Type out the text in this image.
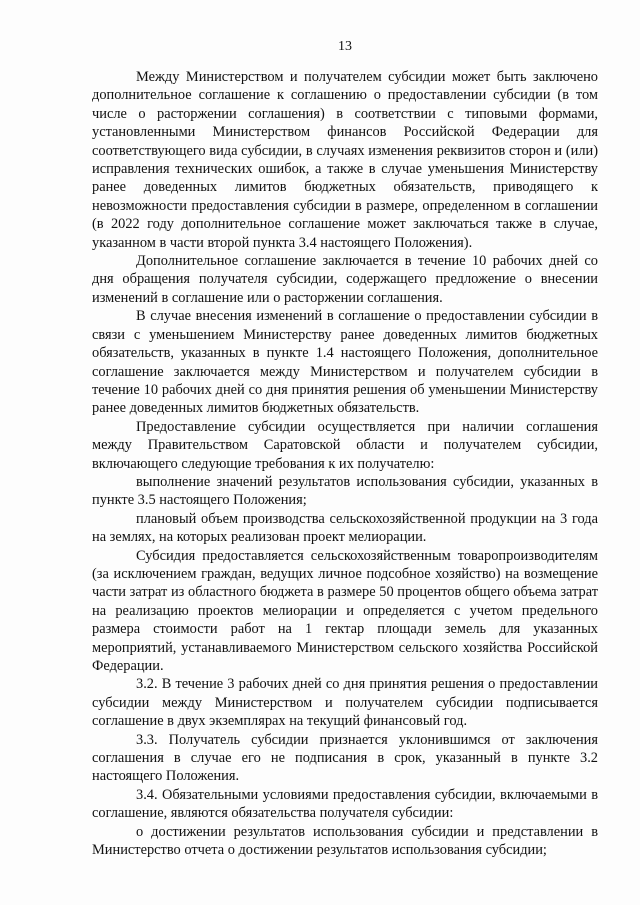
13

Между Министерством и получателем субсидии может быть заключено дополнительное соглашение к соглашению о предоставлении субсидии (в том числе о расторжении соглашения) в соответствии с типовыми формами, установленными Министерством финансов Российской Федерации для соответствующего вида субсидии, в случаях изменения реквизитов сторон и (или) исправления технических ошибок, а также в случае уменьшения Министерству ранее доведенных лимитов бюджетных обязательств, приводящего к невозможности предоставления субсидии в размере, определенном в соглашении (в 2022 году дополнительное соглашение может заключаться также в случае, указанном в части второй пункта 3.4 настоящего Положения).

Дополнительное соглашение заключается в течение 10 рабочих дней со дня обращения получателя субсидии, содержащего предложение о внесении изменений в соглашение или о расторжении соглашения.

В случае внесения изменений в соглашение о предоставлении субсидии в связи с уменьшением Министерству ранее доведенных лимитов бюджетных обязательств, указанных в пункте 1.4 настоящего Положения, дополнительное соглашение заключается между Министерством и получателем субсидии в течение 10 рабочих дней со дня принятия решения об уменьшении Министерству ранее доведенных лимитов бюджетных обязательств.

Предоставление субсидии осуществляется при наличии соглашения между Правительством Саратовской области и получателем субсидии, включающего следующие требования к их получателю:

выполнение значений результатов использования субсидии, указанных в пункте 3.5 настоящего Положения;

плановый объем производства сельскохозяйственной продукции на 3 года на землях, на которых реализован проект мелиорации.

Субсидия предоставляется сельскохозяйственным товаропроизводителям (за исключением граждан, ведущих личное подсобное хозяйство) на возмещение части затрат из областного бюджета в размере 50 процентов общего объема затрат на реализацию проектов мелиорации и определяется с учетом предельного размера стоимости работ на 1 гектар площади земель для указанных мероприятий, устанавливаемого Министерством сельского хозяйства Российской Федерации.

3.2. В течение 3 рабочих дней со дня принятия решения о предоставлении субсидии между Министерством и получателем субсидии подписывается соглашение в двух экземплярах на текущий финансовый год.

3.3. Получатель субсидии признается уклонившимся от заключения соглашения в случае его не подписания в срок, указанный в пункте 3.2 настоящего Положения.

3.4. Обязательными условиями предоставления субсидии, включаемыми в соглашение, являются обязательства получателя субсидии:

о достижении результатов использования субсидии и представлении в Министерство отчета о достижении результатов использования субсидии;
